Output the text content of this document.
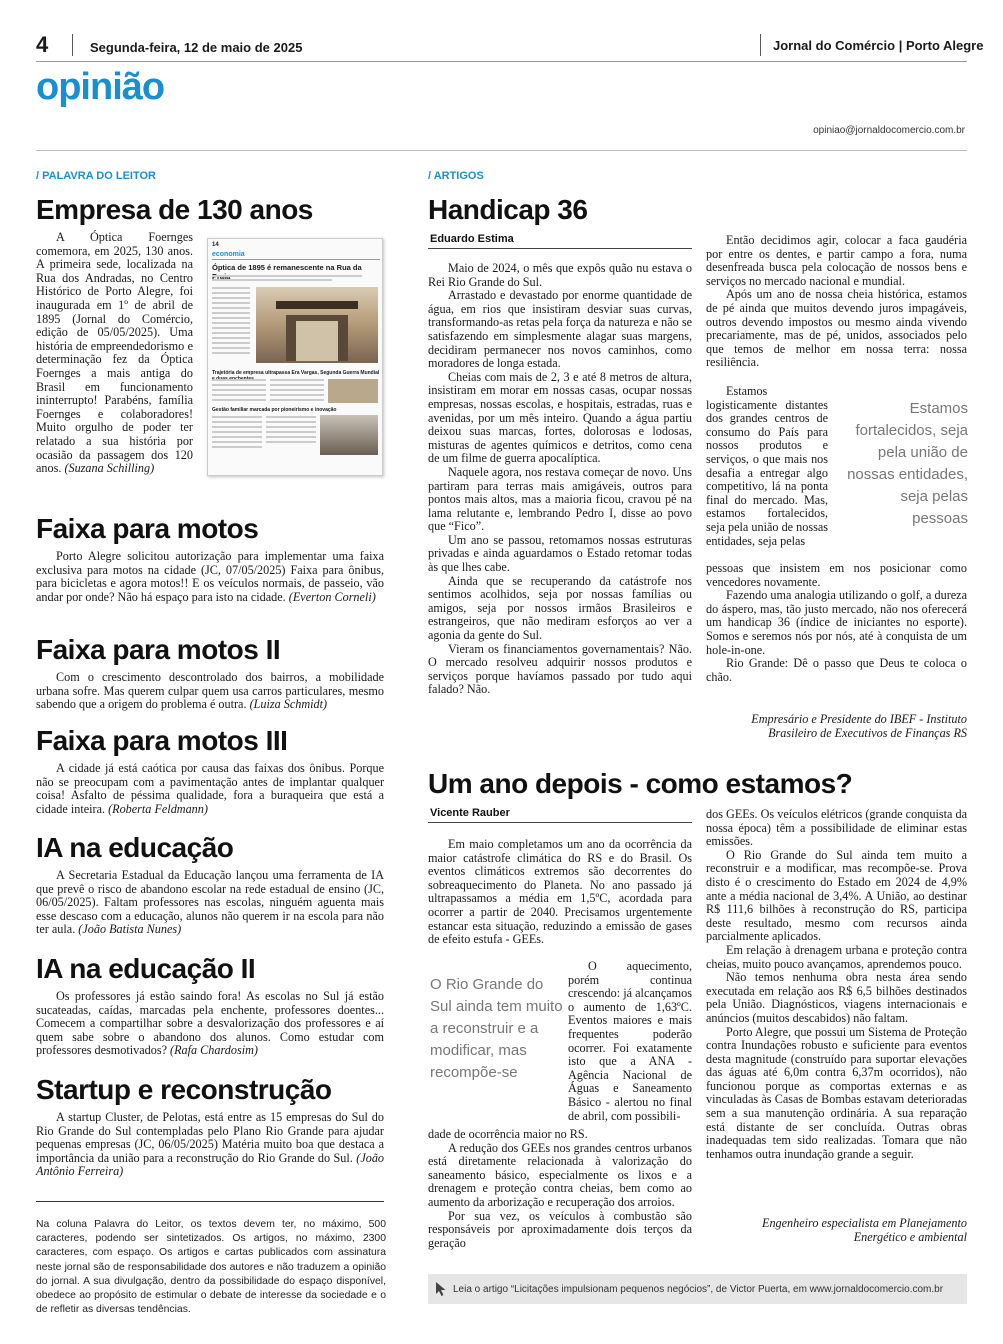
4	Segunda-feira, 12 de maio de 2025	Jornal do Comércio | Porto Alegre
opinião
opiniao@jornaldocomercio.com.br
/ PALAVRA DO LEITOR
Empresa de 130 anos

A Óptica Foernges comemora, em 2025, 130 anos. A primeira sede, localizada na Rua dos Andradas, no Centro Histórico de Porto Alegre, foi inaugurada em 1º de abril de 1895 (Jornal do Comércio, edição de 05/05/2025). Uma história de empreendedorismo e determinação fez da Óptica Foernges a mais antiga do Brasil em funcionamento ininterrupto! Parabéns, família Foernges e colaboradores! Muito orgulho de poder ter relatado a sua história por ocasião da passagem dos 120 anos. (Suzana Schilling)

14
economia
Óptica de 1895 é remanescente na Rua da
Trajetória de empresa ultrapassa Era Vargas, Segunda Guerra Mundial
Gestão familiar marcada por pioneirismo e inovação
Faixa para motos

Porto Alegre solicitou autorização para implementar uma faixa exclusiva para motos na cidade (JC, 07/05/2025) Faixa para ônibus, para bicicletas e agora motos!! E os veículos normais, de passeio, vão andar por onde? Não há espaço para isto na cidade. (Everton Corneli)

Faixa para motos II

Com o crescimento descontrolado dos bairros, a mobilidade urbana sofre. Mas querem culpar quem usa carros particulares, mesmo sabendo que a origem do problema é outra. (Luiza Schmidt)

Faixa para motos III

A cidade já está caótica por causa das faixas dos ônibus. Porque não se preocupam com a pavimentação antes de implantar qualquer coisa! Asfalto de péssima qualidade, fora a buraqueira que está a cidade inteira. (Roberta Feldmann)

IA na educação

A Secretaria Estadual da Educação lançou uma ferramenta de IA que prevê o risco de abandono escolar na rede estadual de ensino (JC, 06/05/2025). Faltam professores nas escolas, ninguém aguenta mais esse descaso com a educação, alunos não querem ir na escola para não ter aula. (João Batista Nunes)

IA na educação II

Os professores já estão saindo fora! As escolas no Sul já estão sucateadas, caídas, marcadas pela enchente, professores doentes... Comecem a compartilhar sobre a desvalorização dos professores e aí quem sabe sobre o abandono dos alunos. Como estudar com professores desmotivados? (Rafa Chardosim)

Startup e reconstrução

A startup Cluster, de Pelotas, está entre as 15 empresas do Sul do Rio Grande do Sul contempladas pelo Plano Rio Grande para ajudar pequenas empresas (JC, 06/05/2025) Matéria muito boa que destaca a importância da união para a reconstrução do Rio Grande do Sul. (João Antônio Ferreira)

Na coluna Palavra do Leitor, os textos devem ter, no máximo, 500 caracteres, podendo ser sintetizados. Os artigos, no máximo, 2300 caracteres, com espaço. Os artigos e cartas publicados com assinatura neste jornal são de responsabilidade dos autores e não traduzem a opinião do jornal. A sua divulgação, dentro da possibilidade do espaço disponível, obedece ao propósito de estimular o debate de interesse da sociedade e o de refletir as diversas tendências.
/ ARTIGOS
Handicap 36
Eduardo Estima

Maio de 2024, o mês que expôs quão nu estava o Rei Rio Grande do Sul.

Arrastado e devastado por enorme quantidade de água, em rios que insistiram desviar suas curvas, transformando-as retas pela força da natureza e não se satisfazendo em simplesmente alagar suas margens, decidiram permanecer nos novos caminhos, como moradores de longa estada.

Cheias com mais de 2, 3 e até 8 metros de altura, insistiram em morar em nossas casas, ocupar nossas empresas, nossas escolas, e hospitais, estradas, ruas e avenidas, por um mês inteiro. Quando a água partiu deixou suas marcas, fortes, dolorosas e lodosas, misturas de agentes químicos e detritos, como cena de um filme de guerra apocalíptica.

Naquele agora, nos restava começar de novo. Uns partiram para terras mais amigáveis, outros para pontos mais altos, mas a maioria ficou, cravou pé na lama relutante e, lembrando Pedro I, disse ao povo que “Fico”.

Um ano se passou, retomamos nossas estruturas privadas e ainda aguardamos o Estado retomar todas às que lhes cabe.

Ainda que se recuperando da catástrofe nos sentimos acolhidos, seja por nossas famílias ou amigos, seja por nossos irmãos Brasileiros e estrangeiros, que não mediram esforços ao ver a agonia da gente do Sul.

Vieram os financiamentos governamentais? Não. O mercado resolveu adquirir nossos produtos e serviços porque havíamos passado por tudo aqui falado? Não.

Então decidimos agir, colocar a faca gaudéria por entre os dentes, e partir campo a fora, numa desenfreada busca pela colocação de nossos bens e serviços no mercado nacional e mundial.

Após um ano de nossa cheia histórica, estamos de pé ainda que muitos devendo juros impagáveis, outros devendo impostos ou mesmo ainda vivendo precariamente, mas de pé, unidos, associados pelo que temos de melhor em nossa terra: nossa resiliência.

Estamos logisticamente distantes dos grandes centros de consumo do País para nossos produtos e serviços, o que mais nos desafia a entregar algo competitivo, lá na ponta final do mercado. Mas, estamos fortalecidos, seja pela união de nossas entidades, seja pelas

Estamos fortalecidos, seja pela união de nossas entidades, seja pelas pessoas

pessoas que insistem em nos posicionar como vencedores novamente.

Fazendo uma analogia utilizando o golf, a dureza do áspero, mas, tão justo mercado, não nos oferecerá um handicap 36 (índice de iniciantes no esporte). Somos e seremos nós por nós, até à conquista de um hole-in-one.

Rio Grande: Dê o passo que Deus te coloca o chão.

Empresário e Presidente do IBEF - Instituto Brasileiro de Executivos de Finanças RS
Um ano depois - como estamos?
Vicente Rauber

Em maio completamos um ano da ocorrência da maior catástrofe climática do RS e do Brasil. Os eventos climáticos extremos são decorrentes do sobreaquecimento do Planeta. No ano passado já ultrapassamos a média em 1,5ºC, acordada para ocorrer a partir de 2040. Precisamos urgentemente estancar esta situação, reduzindo a emissão de gases de efeito estufa - GEEs.

O Rio Grande do Sul ainda tem muito a reconstruir e a modificar, mas recompõe-se

O aquecimento, porém continua crescendo: já alcançamos o aumento de 1,63ºC. Eventos maiores e mais frequentes poderão ocorrer. Foi exatamente isto que a ANA - Agência Nacional de Águas e Saneamento Básico - alertou no final de abril, com possibili-

dade de ocorrência maior no RS.

A redução dos GEEs nos grandes centros urbanos está diretamente relacionada à valorização do saneamento básico, especialmente os lixos e a drenagem e proteção contra cheias, bem como ao aumento da arborização e recuperação dos arroios.

Por sua vez, os veículos à combustão são responsáveis por aproximadamente dois terços da geração

dos GEEs. Os veículos elétricos (grande conquista da nossa época) têm a possibilidade de eliminar estas emissões.

O Rio Grande do Sul ainda tem muito a reconstruir e a modificar, mas recompõe-se. Prova disto é o crescimento do Estado em 2024 de 4,9% ante a média nacional de 3,4%. A União, ao destinar R$ 111,6 bilhões à reconstrução do RS, participa deste resultado, mesmo com recursos ainda parcialmente aplicados.

Em relação à drenagem urbana e proteção contra cheias, muito pouco avançamos, aprendemos pouco.

Não temos nenhuma obra nesta área sendo executada em relação aos R$ 6,5 bilhões destinados pela União. Diagnósticos, viagens internacionais e anúncios (muitos descabidos) não faltam.

Porto Alegre, que possui um Sistema de Proteção contra Inundações robusto e suficiente para eventos desta magnitude (construído para suportar elevações das águas até 6,0m contra 6,37m ocorridos), não funcionou porque as comportas externas e as vinculadas às Casas de Bombas estavam deterioradas sem a sua manutenção ordinária. A sua reparação está distante de ser concluída. Outras obras inadequadas tem sido realizadas. Tomara que não tenhamos outra inundação grande a seguir.

Engenheiro especialista em Planejamento Energético e ambiental
Leia o artigo “Licitações impulsionam pequenos negócios”, de Victor Puerta, em www.jornaldocomercio.com.br
